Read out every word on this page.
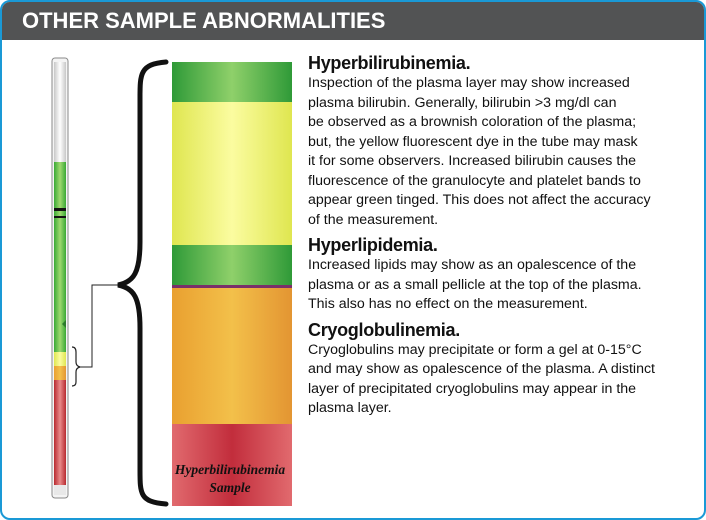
OTHER SAMPLE ABNORMALITIES
Hyperbilirubinemia
Sample
Hyperbilirubinemia.

Inspection of the plasma layer may show increased
plasma bilirubin. Generally, bilirubin >3 mg/dl can
be observed as a brownish coloration of the plasma;
but, the yellow fluorescent dye in the tube may mask
it for some observers. Increased bilirubin causes the
fluorescence of the granulocyte and platelet bands to
appear green tinged. This does not affect the accuracy
of the measurement.

Hyperlipidemia.

Increased lipids may show as an opalescence of the
plasma or as a small pellicle at the top of the plasma.
This also has no effect on the measurement.

Cryoglobulinemia.

Cryoglobulins may precipitate or form a gel at 0-15°C
and may show as opalescence of the plasma. A distinct
layer of precipitated cryoglobulins may appear in the
plasma layer.
